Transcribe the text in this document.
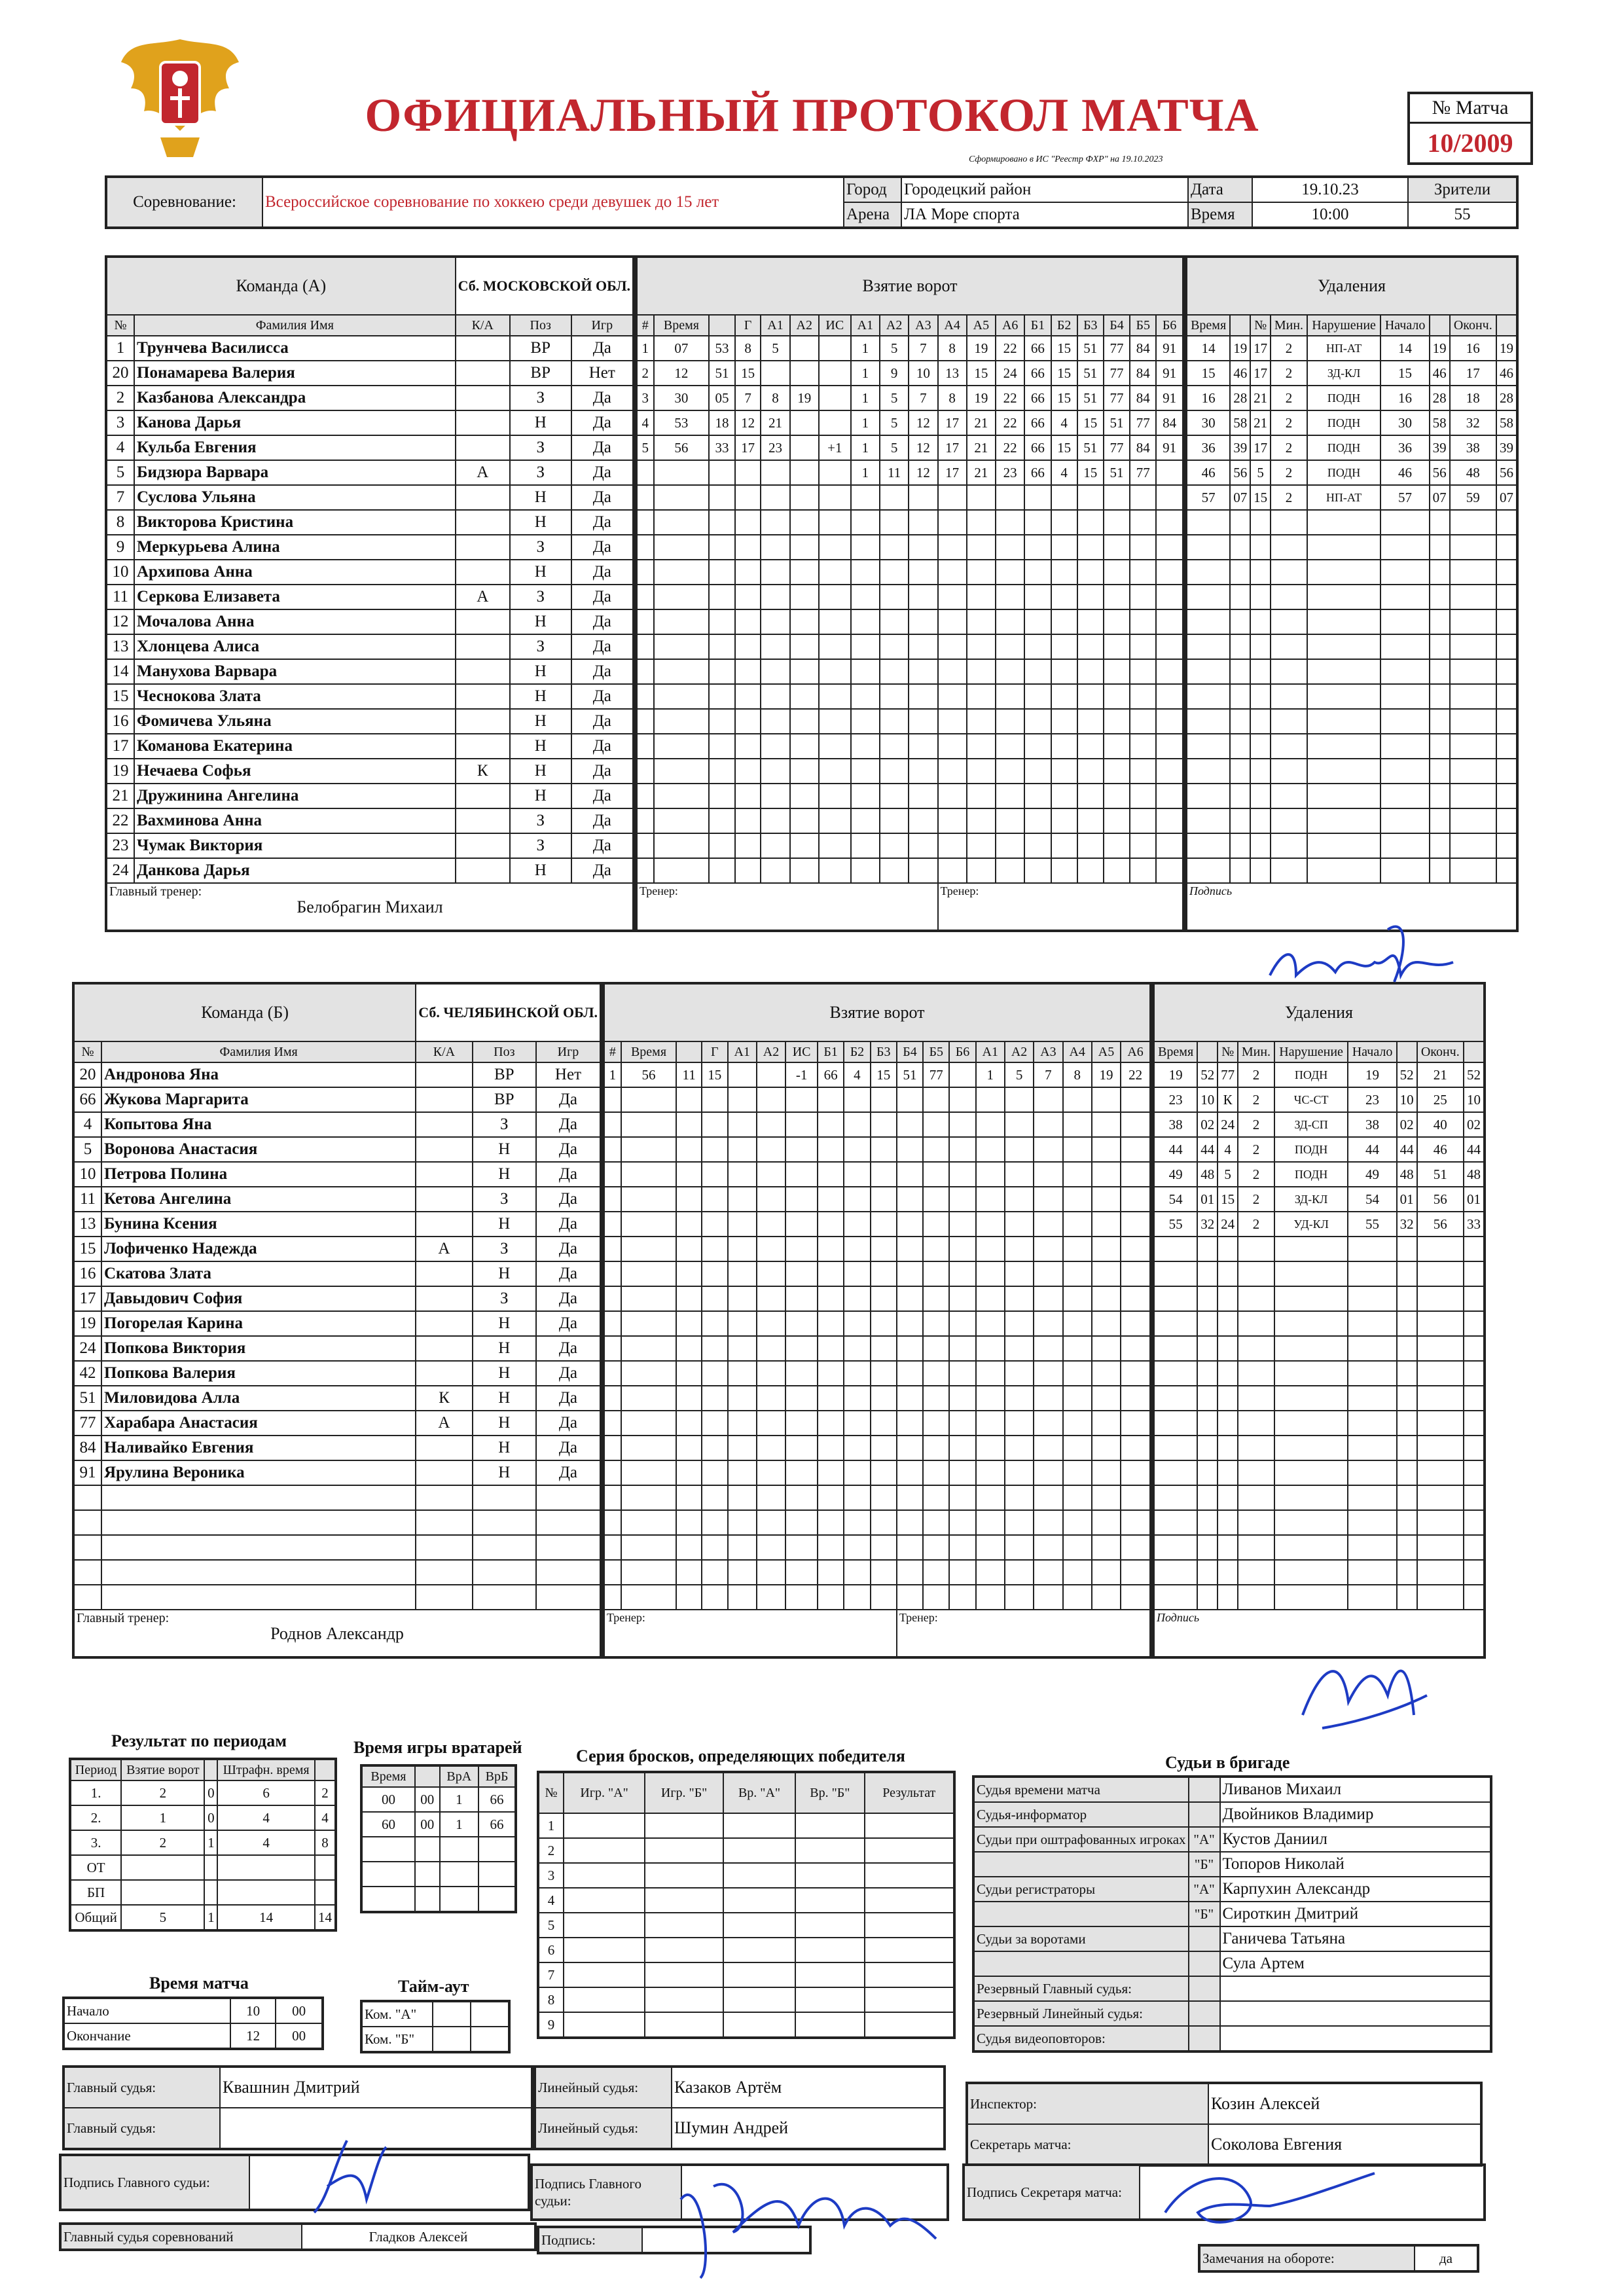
ОФИЦИАЛЬНЫЙ ПРОТОКОЛ МАТЧА
Сформировано в ИС "Реестр ФХР" на 19.10.2023
№ Матча
10/2009
Соревнование:	Всероссийское соревнование по хоккею среди девушек до 15 лет	Город	Городецкий район	Дата	19.10.23	Зрители
		Арена	ЛА Море спорта	Время	10:00	55
Команда (А)		Сб. МОСКОВСКОЙ ОБЛ.		
№	Фамилия Имя	К/А	Поз	Игр
1	Трунчева Василисса		ВР	Да
20	Понамарева Валерия		ВР	Нет
2	Казбанова Александра		З	Да
3	Канова Дарья		Н	Да
4	Кульба Евгения		З	Да
5	Бидзюра Варвара	А	З	Да
7	Суслова Ульяна		Н	Да
8	Викторова Кристина		Н	Да
9	Меркурьева Алина		З	Да
10	Архипова Анна		Н	Да
11	Серкова Елизавета	А	З	Да
12	Мочалова Анна		Н	Да
13	Хлонцева Алиса		З	Да
14	Манухова Варвара		Н	Да
15	Чеснокова Злата		Н	Да
16	Фомичева Ульяна		Н	Да
17	Команова Екатерина		Н	Да
19	Нечаева Софья	К	Н	Да
21	Дружинина Ангелина		Н	Да
22	Вахминова Анна		З	Да
23	Чумак Виктория		З	Да
24	Данкова Дарья		Н	Да

Главный тренер:
Белобрагин Михаил				
Взятие ворот																		
#	Время		Г	А1	А2	ИС	А1	А2	А3	А4	А5	А6	Б1	Б2	Б3	Б4	Б5	Б6
1	07	53	8	5			1	5	7	8	19	22	66	15	51	77	84	91
2	12	51	15				1	9	10	13	15	24	66	15	51	77	84	91
3	30	05	7	8	19		1	5	7	8	19	22	66	15	51	77	84	91
4	53	18	12	21			1	5	12	17	21	22	66	4	15	51	77	84
5	56	33	17	23		+1	1	5	12	17	21	22	66	15	51	77	84	91
							1	11	12	17	21	23	66	4	15	51	77	

Тренер:										Тренер:								
Удаления								
Время		№	Мин.	Нарушение	Начало		Оконч.	
14	19	17	2	НП-АТ	14	19	16	19
15	46	17	2	ЗД-КЛ	15	46	17	46
16	28	21	2	ПОДН	16	28	18	28
30	58	21	2	ПОДН	30	58	32	58
36	39	17	2	ПОДН	36	39	38	39
46	56	5	2	ПОДН	46	56	48	56
57	07	15	2	НП-АТ	57	07	59	07

Подпись								
Команда (Б)		Сб. ЧЕЛЯБИНСКОЙ ОБЛ.		
№	Фамилия Имя	К/А	Поз	Игр
20	Андронова Яна		ВР	Нет
66	Жукова Маргарита		ВР	Да
4	Копытова Яна		З	Да
5	Воронова Анастасия		Н	Да
10	Петрова Полина		Н	Да
11	Кетова Ангелина		З	Да
13	Бунина Ксения		Н	Да
15	Лофиченко Надежда	А	З	Да
16	Скатова Злата		Н	Да
17	Давыдович София		З	Да
19	Погорелая Карина		Н	Да
24	Попкова Виктория		Н	Да
42	Попкова Валерия		Н	Да
51	Миловидова Алла	К	Н	Да
77	Харабара Анастасия	А	Н	Да
84	Наливайко Евгения		Н	Да
91	Ярулина Вероника		Н	Да

Главный тренер:
Роднов Александр				
Взятие ворот																		
#	Время		Г	А1	А2	ИС	Б1	Б2	Б3	Б4	Б5	Б6	А1	А2	А3	А4	А5	А6
1	56	11	15			-1	66	4	15	51	77		1	5	7	8	19	22

Тренер:										Тренер:								
Удаления								
Время		№	Мин.	Нарушение	Начало		Оконч.	
19	52	77	2	ПОДН	19	52	21	52
23	10	К	2	ЧС-СТ	23	10	25	10
38	02	24	2	ЗД-СП	38	02	40	02
44	44	4	2	ПОДН	44	44	46	44
49	48	5	2	ПОДН	49	48	51	48
54	01	15	2	ЗД-КЛ	54	01	56	01
55	32	24	2	УД-КЛ	55	32	56	33

Подпись								
Результат по периодам
Период	Взятие ворот		Штрафн. время	
1.	2	0	6	2
2.	1	0	4	4
3.	2	1	4	8
ОТ				
БП				
Общий	5	1	14	14
Время игры вратарей
Время		ВрА	ВрБ
00	00	1	66
60	00	1	66

Серия бросков, определяющих победителя
№	Игр. "А"	Игр. "Б"	Вр. "А"	Вр. "Б"	Результат
1					
2					
3					
4					
5					
6					
7					
8					
9					
Время матча
Начало	10	00
Окончание	12	00
Тайм-аут
Ком. "А"		
Ком. "Б"		
Судьи в бригаде
Судья времени матча		Ливанов Михаил
Судья-информатор		Двойников Владимир
Судьи при оштрафованных игроках	"А"	Кустов Даниил
	"Б"	Топоров Николай
Судьи регистраторы	"А"	Карпухин Александр
	"Б"	Сироткин Дмитрий
Судьи за воротами		Ганичева Татьяна
		Сула Артем
Резервный Главный судья:		
Резервный Линейный судья:		
Судья видеоповторов:		
Главный судья:	Квашнин Дмитрий
Главный судья:	
Линейный судья:	Казаков Артём
Линейный судья:	Шумин Андрей
Инспектор:	Козин Алексей
Секретарь матча:	Соколова Евгения
Подпись Главного судьи:		Подпись Главного судьи:	
Подпись Секретаря матча:	
Главный судья соревнований	Гладков Алексей	Подпись:	
Замечания на обороте:	да
